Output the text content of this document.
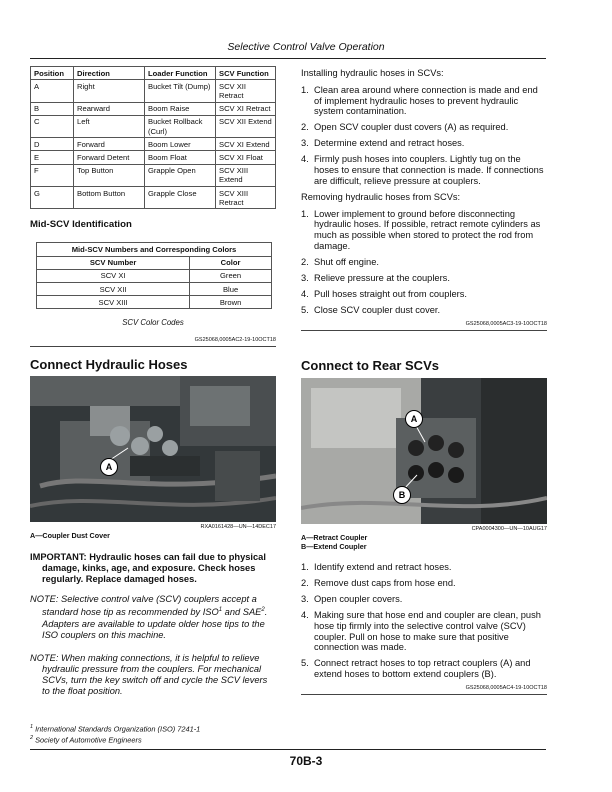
Selective Control Valve Operation
Position	Direction	Loader Function	SCV Function
A	Right	Bucket Tilt (Dump)	SCV XII Retract
B	Rearward	Boom Raise	SCV XI Retract
C	Left	Bucket Rollback (Curl)	SCV XII Extend
D	Forward	Boom Lower	SCV XI Extend
E	Forward Detent	Boom Float	SCV XI Float
F	Top Button	Grapple Open	SCV XIII Extend
G	Bottom Button	Grapple Close	SCV XIII Retract
Mid-SCV Identification
Mid-SCV Numbers and Corresponding Colors	
SCV Number	Color
SCV XI	Green
SCV XII	Blue
SCV XIII	Brown
SCV Color Codes
GS25068,0005AC2-19-10OCT18
Connect Hydraulic Hoses
A
RXA0161428—UN—14DEC17
A—Coupler Dust Cover
IMPORTANT: Hydraulic hoses can fail due to physical damage, kinks, age, and exposure. Check hoses regularly. Replace damaged hoses.
NOTE: Selective control valve (SCV) couplers accept a standard hose tip as recommended by ISO$^1$ and SAE$^2$. Adapters are available to update older hose tips to the ISO couplers on this machine.
NOTE: When making connections, it is helpful to relieve hydraulic pressure from the couplers. For mechanical SCVs, turn the key switch off and cycle the SCV levers to the float position.
Installing hydraulic hoses in SCVs:
1. Clean area around where connection is made and end of implement hydraulic hoses to prevent hydraulic system contamination.
2. Open SCV coupler dust covers (A) as required.
3. Determine extend and retract hoses.
4. Firmly push hoses into couplers. Lightly tug on the hoses to ensure that connection is made. If connections are difficult, relieve pressure at couplers.
Removing hydraulic hoses from SCVs:
1. Lower implement to ground before disconnecting hydraulic hoses. If possible, retract remote cylinders as much as possible when stored to protect the rod from damage.
2. Shut off engine.
3. Relieve pressure at the couplers.
4. Pull hoses straight out from couplers.
5. Close SCV coupler dust cover.
GS25068,0005AC3-19-10OCT18
Connect to Rear SCVs
A
B
CPA0004300—UN—10AUG17
A—Retract Coupler
B—Extend Coupler
1. Identify extend and retract hoses.
2. Remove dust caps from hose end.
3. Open coupler covers.
4. Making sure that hose end and coupler are clean, push hose tip firmly into the selective control valve (SCV) coupler. Pull on hose to make sure that positive connection was made.
5. Connect retract hoses to top retract couplers (A) and extend hoses to bottom extend couplers (B).
GS25068,0005AC4-19-10OCT18
$^1$ International Standards Organization (ISO) 7241-1
$^2$ Society of Automotive Engineers
70B-3
